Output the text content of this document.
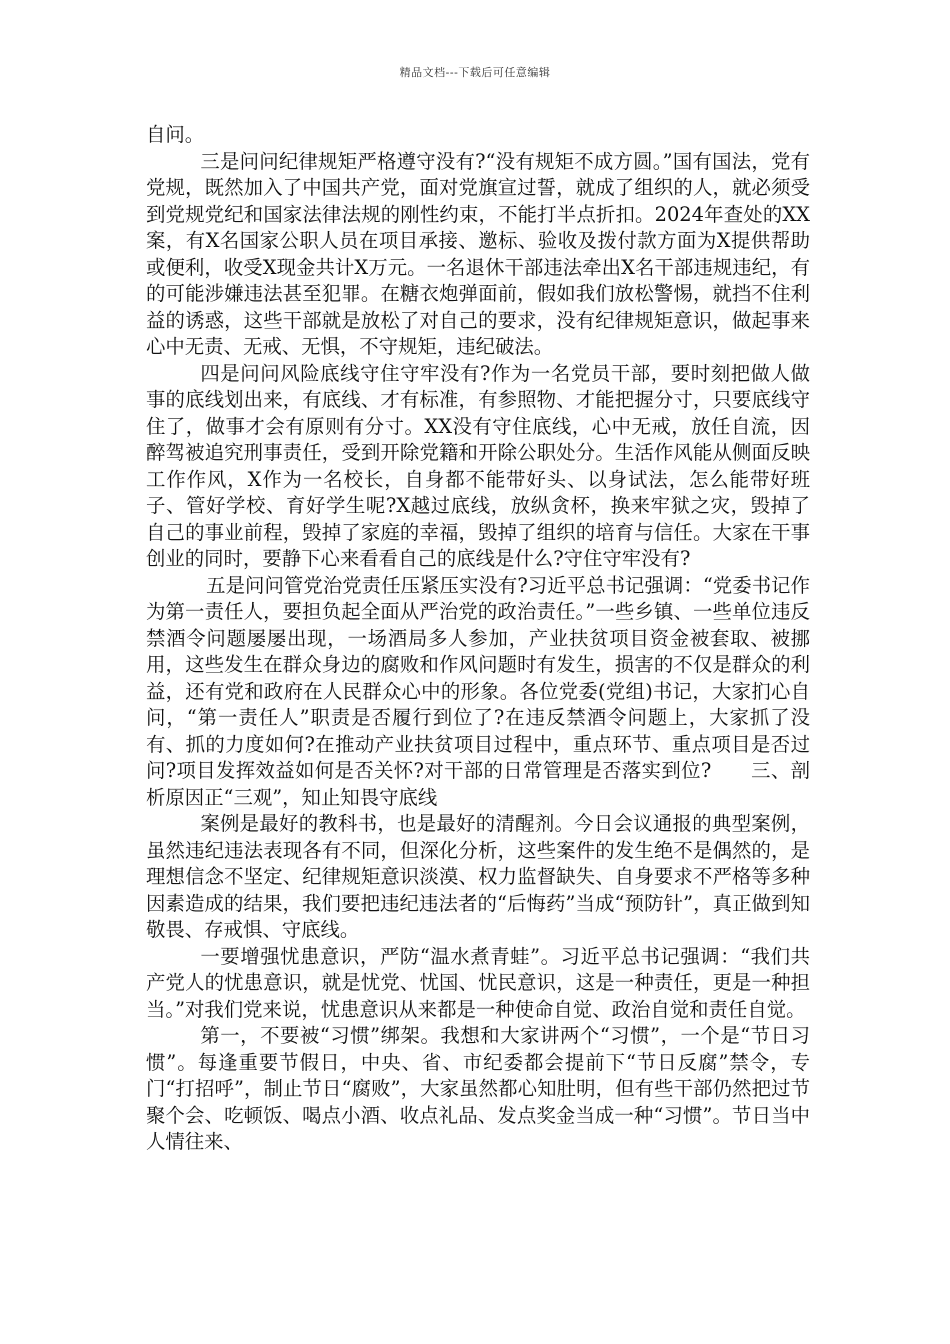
精品文档---下载后可任意编辑

自问。

三是问问纪律规矩严格遵守没有?“没有规矩不成方圆。”国有国法，党有党规，既然加入了中国共产党，面对党旗宣过誓，就成了组织的人，就必须受到党规党纪和国家法律法规的刚性约束，不能打半点折扣。2024年查处的XX案，有X名国家公职人员在项目承接、邀标、验收及拨付款方面为X提供帮助或便利，收受X现金共计X万元。一名退休干部违法牵出X名干部违规违纪，有的可能涉嫌违法甚至犯罪。在糖衣炮弹面前，假如我们放松警惕，就挡不住利益的诱惑，这些干部就是放松了对自己的要求，没有纪律规矩意识，做起事来心中无责、无戒、无惧，不守规矩，违纪破法。

四是问问风险底线守住守牢没有?作为一名党员干部，要时刻把做人做事的底线划出来，有底线、才有标准，有参照物、才能把握分寸，只要底线守住了，做事才会有原则有分寸。XX没有守住底线，心中无戒，放任自流，因醉驾被追究刑事责任，受到开除党籍和开除公职处分。生活作风能从侧面反映工作作风，X作为一名校长，自身都不能带好头、以身试法，怎么能带好班子、管好学校、育好学生呢?X越过底线，放纵贪杯，换来牢狱之灾，毁掉了自己的事业前程，毁掉了家庭的幸福，毁掉了组织的培育与信任。大家在干事创业的同时，要静下心来看看自己的底线是什么?守住守牢没有?

五是问问管党治党责任压紧压实没有?习近平总书记强调：“党委书记作为第一责任人，要担负起全面从严治党的政治责任。”一些乡镇、一些单位违反禁酒令问题屡屡出现，一场酒局多人参加，产业扶贫项目资金被套取、被挪用，这些发生在群众身边的腐败和作风问题时有发生，损害的不仅是群众的利益，还有党和政府在人民群众心中的形象。各位党委(党组)书记，大家扪心自问，“第一责任人”职责是否履行到位了?在违反禁酒令问题上，大家抓了没有、抓的力度如何?在推动产业扶贫项目过程中，重点环节、重点项目是否过问?项目发挥效益如何是否关怀?对干部的日常管理是否落实到位?　　三、剖析原因正“三观”，知止知畏守底线

案例是最好的教科书，也是最好的清醒剂。今日会议通报的典型案例，虽然违纪违法表现各有不同，但深化分析，这些案件的发生绝不是偶然的，是理想信念不坚定、纪律规矩意识淡漠、权力监督缺失、自身要求不严格等多种因素造成的结果，我们要把违纪违法者的“后悔药”当成“预防针”，真正做到知敬畏、存戒惧、守底线。

一要增强忧患意识，严防“温水煮青蛙”。习近平总书记强调：“我们共产党人的忧患意识，就是忧党、忧国、忧民意识，这是一种责任，更是一种担当。”对我们党来说，忧患意识从来都是一种使命自觉、政治自觉和责任自觉。

第一，不要被“习惯”绑架。我想和大家讲两个“习惯”，一个是“节日习惯”。每逢重要节假日，中央、省、市纪委都会提前下“节日反腐”禁令，专门“打招呼”，制止节日“腐败”，大家虽然都心知肚明，但有些干部仍然把过节聚个会、吃顿饭、喝点小酒、收点礼品、发点奖金当成一种“习惯”。节日当中人情往来、
